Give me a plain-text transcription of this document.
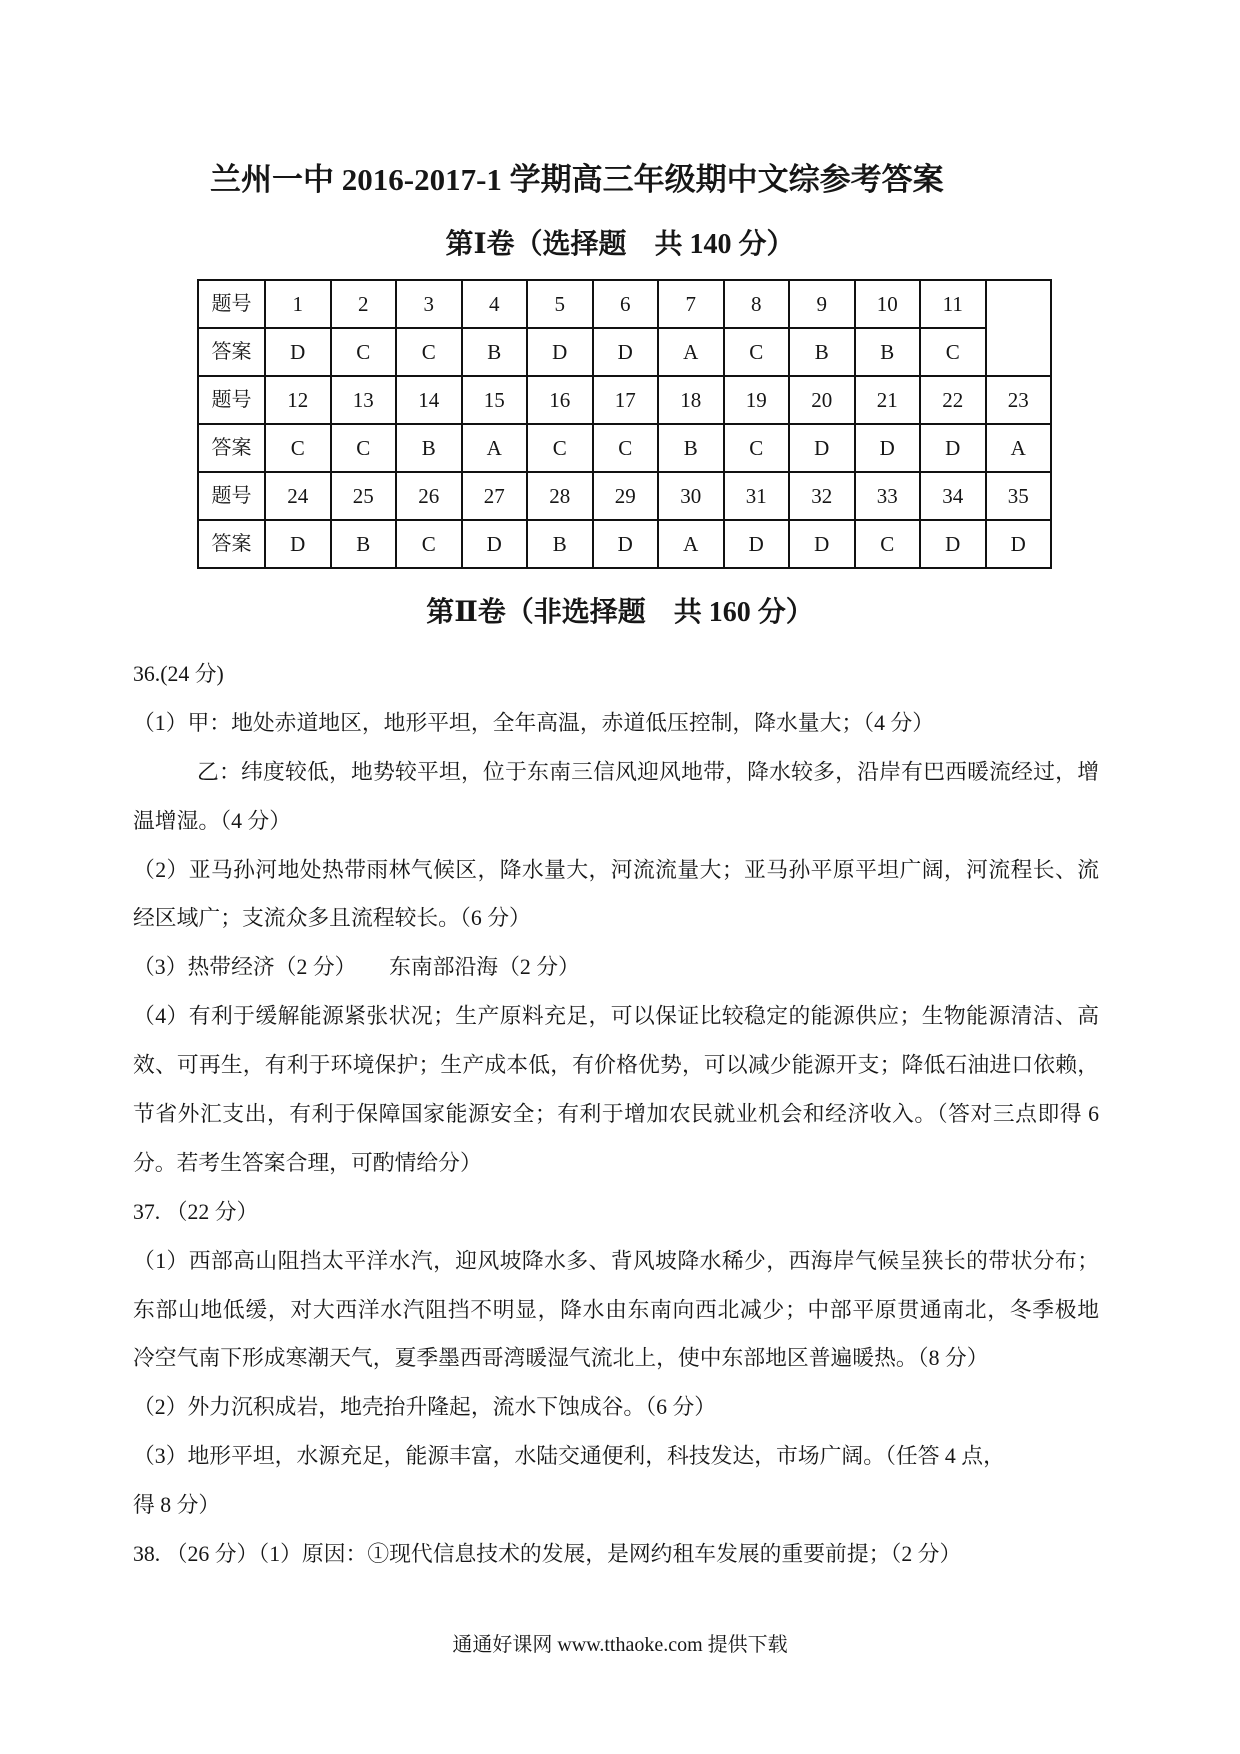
兰州一中 2016-2017-1 学期高三年级期中文综参考答案
第Ⅰ卷（选择题　共 140 分）
题号	1	2	3	4	5	6	7	8	9	10	11	
答案	D	C	C	B	D	D	A	C	B	B	C	
题号	12	13	14	15	16	17	18	19	20	21	22	23
答案	C	C	B	A	C	C	B	C	D	D	D	A
题号	24	25	26	27	28	29	30	31	32	33	34	35
答案	D	B	C	D	B	D	A	D	D	C	D	D
第Ⅱ卷（非选择题　共 160 分）
36.(24 分)
（1）甲：地处赤道地区，地形平坦，全年高温，赤道低压控制，降水量大；（4 分）
乙：纬度较低，地势较平坦，位于东南三信风迎风地带，降水较多，沿岸有巴西暖流经过，增
温增湿。（4 分）
（2）亚马孙河地处热带雨林气候区，降水量大，河流流量大；亚马孙平原平坦广阔，河流程长、流
经区域广；支流众多且流程较长。（6 分）
（3）热带经济（2 分）　　东南部沿海（2 分）
（4）有利于缓解能源紧张状况；生产原料充足，可以保证比较稳定的能源供应；生物能源清洁、高
效、可再生，有利于环境保护；生产成本低，有价格优势，可以减少能源开支；降低石油进口依赖，
节省外汇支出，有利于保障国家能源安全；有利于增加农民就业机会和经济收入。（答对三点即得 6
分。若考生答案合理，可酌情给分）
37. （22 分）
（1）西部高山阻挡太平洋水汽，迎风坡降水多、背风坡降水稀少，西海岸气候呈狭长的带状分布；
东部山地低缓，对大西洋水汽阻挡不明显，降水由东南向西北减少；中部平原贯通南北，冬季极地
冷空气南下形成寒潮天气，夏季墨西哥湾暖湿气流北上，使中东部地区普遍暖热。（8 分）
（2）外力沉积成岩，地壳抬升隆起，流水下蚀成谷。（6 分）
（3）地形平坦，水源充足，能源丰富，水陆交通便利，科技发达，市场广阔。（任答 4 点，
得 8 分）
38. （26 分）（1）原因：①现代信息技术的发展，是网约租车发展的重要前提；（2 分）
通通好课网 www.tthaoke.com 提供下载
